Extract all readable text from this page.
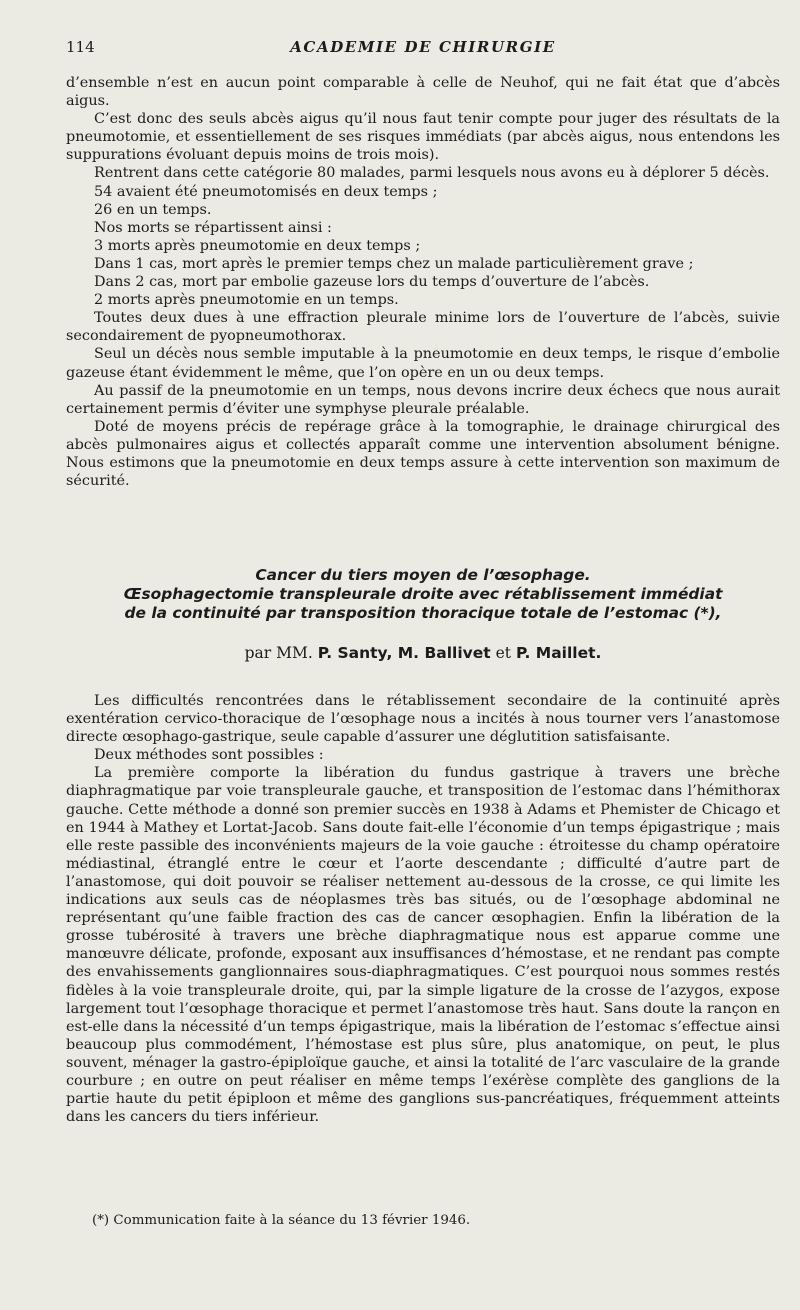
114	ACADEMIE DE CHIRURGIE

d’ensemble n’est en aucun point comparable à celle de Neuhof, qui ne fait état que d’abcès aigus.

C’est donc des seuls abcès aigus qu’il nous faut tenir compte pour juger des résultats de la pneumotomie, et essentiellement de ses risques immédiats (par abcès aigus, nous entendons les suppurations évoluant depuis moins de trois mois).

Rentrent dans cette catégorie 80 malades, parmi lesquels nous avons eu à déplorer 5 décès.

54 avaient été pneumotomisés en deux temps ;

26 en un temps.

Nos morts se répartissent ainsi :

3 morts après pneumotomie en deux temps ;

Dans 1 cas, mort après le premier temps chez un malade particulièrement grave ;

Dans 2 cas, mort par embolie gazeuse lors du temps d’ouverture de l’abcès.

2 morts après pneumotomie en un temps.

Toutes deux dues à une effraction pleurale minime lors de l’ouverture de l’abcès, suivie secondairement de pyopneumothorax.

Seul un décès nous semble imputable à la pneumotomie en deux temps, le risque d’embolie gazeuse étant évidemment le même, que l’on opère en un ou deux temps.

Au passif de la pneumotomie en un temps, nous devons incrire deux échecs que nous aurait certainement permis d’éviter une symphyse pleurale préalable.

Doté de moyens précis de repérage grâce à la tomographie, le drainage chirurgical des abcès pulmonaires aigus et collectés apparaît comme une intervention absolument bénigne. Nous estimons que la pneumotomie en deux temps assure à cette intervention son maximum de sécurité.

Cancer du tiers moyen de l’œsophage.

Œsophagectomie transpleurale droite avec rétablissement immédiat

de la continuité par transposition thoracique totale de l’estomac (*),

par MM. P. Santy, M. Ballivet et P. Maillet.

Les difficultés rencontrées dans le rétablissement secondaire de la continuité après exentération cervico-thoracique de l’œsophage nous a incités à nous tourner vers l’anastomose directe œsophago-gastrique, seule capable d’assurer une déglutition satisfaisante.

Deux méthodes sont possibles :

La première comporte la libération du fundus gastrique à travers une brèche diaphragmatique par voie transpleurale gauche, et transposition de l’estomac dans l’hémithorax gauche. Cette méthode a donné son premier succès en 1938 à Adams et Phemister de Chicago et en 1944 à Mathey et Lortat-Jacob. Sans doute fait-elle l’économie d’un temps épigastrique ; mais elle reste passible des inconvénients majeurs de la voie gauche : étroitesse du champ opératoire médiastinal, étranglé entre le cœur et l’aorte descendante ; difficulté d’autre part de l’anastomose, qui doit pouvoir se réaliser nettement au-dessous de la crosse, ce qui limite les indications aux seuls cas de néoplasmes très bas situés, ou de l’œsophage abdominal ne représentant qu’une faible fraction des cas de cancer œsophagien. Enfin la libération de la grosse tubérosité à travers une brèche diaphragmatique nous est apparue comme une manœuvre délicate, profonde, exposant aux insuffisances d’hémostase, et ne rendant pas compte des envahissements ganglionnaires sous-diaphragmatiques. C’est pourquoi nous sommes restés fidèles à la voie transpleurale droite, qui, par la simple ligature de la crosse de l’azygos, expose largement tout l’œsophage thoracique et permet l’anastomose très haut. Sans doute la rançon en est-elle dans la nécessité d’un temps épigastrique, mais la libération de l’estomac s’effectue ainsi beaucoup plus commodément, l’hémostase est plus sûre, plus anatomique, on peut, le plus souvent, ménager la gastro-épiploïque gauche, et ainsi la totalité de l’arc vasculaire de la grande courbure ; en outre on peut réaliser en même temps l’exérèse complète des ganglions de la partie haute du petit épiploon et même des ganglions sus-pancréatiques, fréquemment atteints dans les cancers du tiers inférieur.

(*) Communication faite à la séance du 13 février 1946.
